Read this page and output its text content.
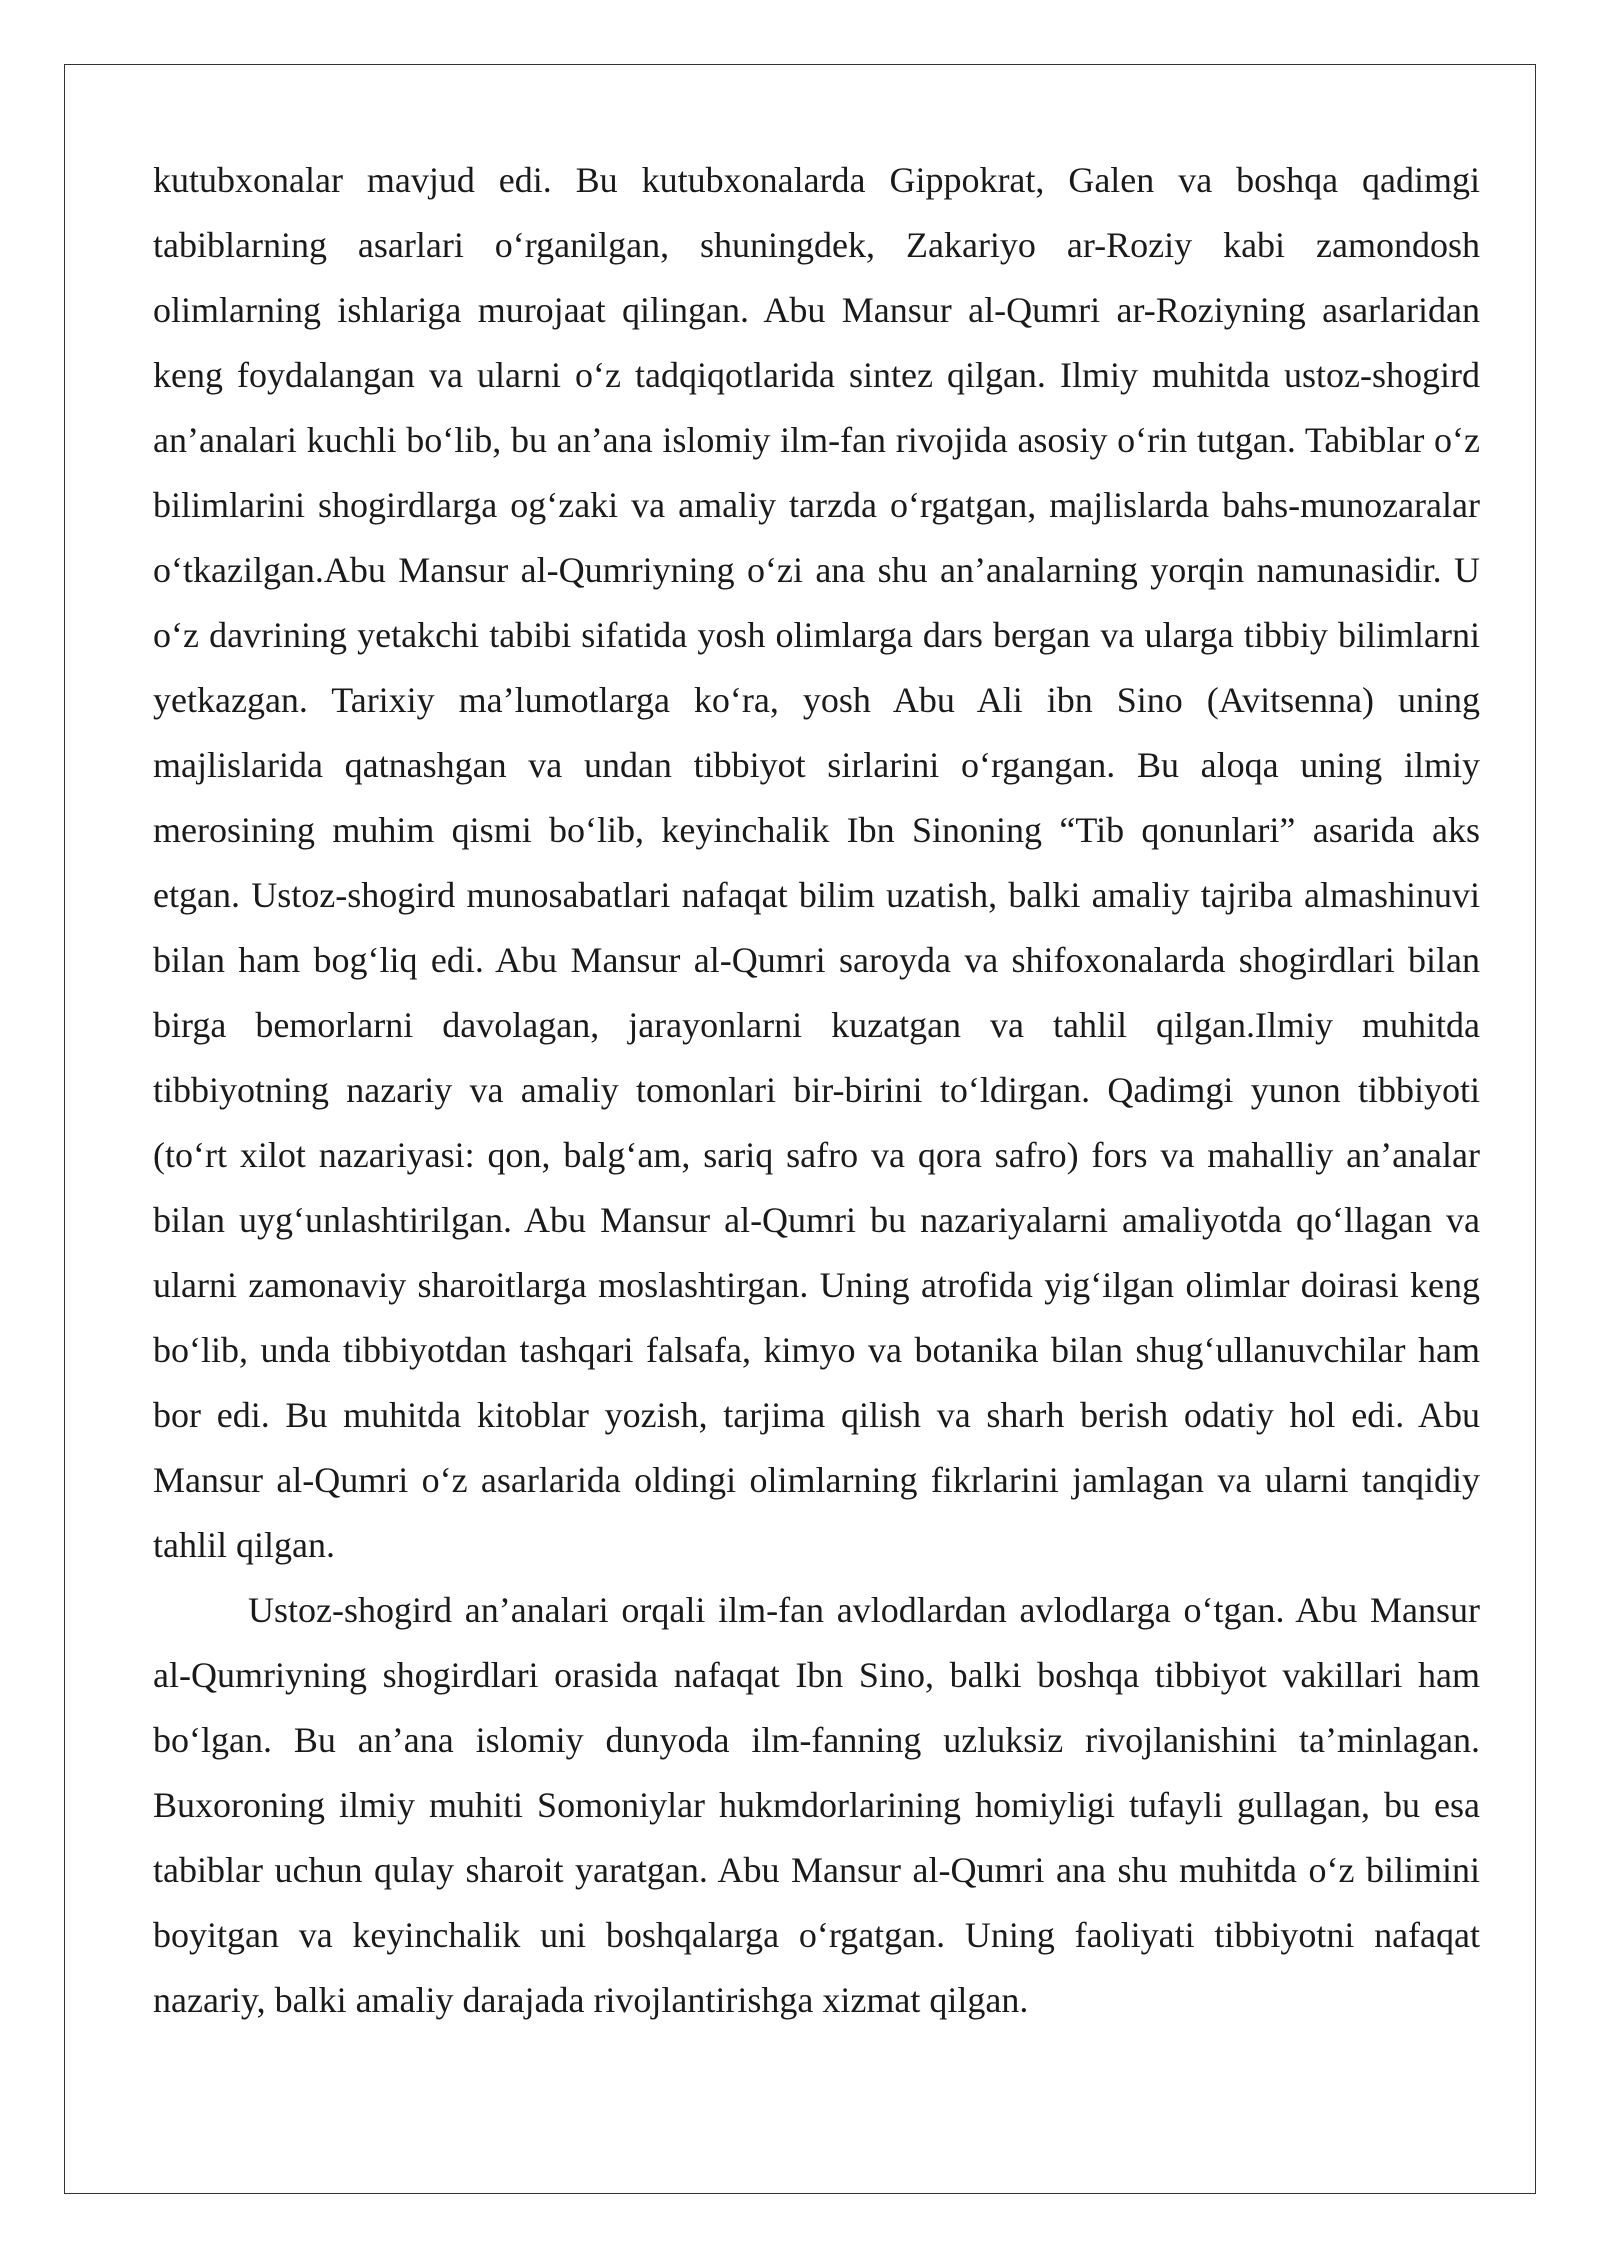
kutubxonalar mavjud edi. Bu kutubxonalarda Gippokrat, Galen va boshqa qadimgi tabiblarning asarlari o‘rganilgan, shuningdek, Zakariyo ar-Roziy kabi zamondosh olimlarning ishlariga murojaat qilingan. Abu Mansur al-Qumri ar-Roziyning asarlaridan keng foydalangan va ularni o‘z tadqiqotlarida sintez qilgan. Ilmiy muhitda ustoz-shogird an’analari kuchli bo‘lib, bu an’ana islomiy ilm-fan rivojida asosiy o‘rin tutgan. Tabiblar o‘z bilimlarini shogirdlarga og‘zaki va amaliy tarzda o‘rgatgan, majlislarda bahs-munozaralar o‘tkazilgan.Abu Mansur al-Qumriyning o‘zi ana shu an’analarning yorqin namunasidir. U o‘z davrining yetakchi tabibi sifatida yosh olimlarga dars bergan va ularga tibbiy bilimlarni yetkazgan. Tarixiy ma’lumotlarga ko‘ra, yosh Abu Ali ibn Sino (Avitsenna) uning majlislarida qatnashgan va undan tibbiyot sirlarini o‘rgangan. Bu aloqa uning ilmiy merosining muhim qismi bo‘lib, keyinchalik Ibn Sinoning “Tib qonunlari” asarida aks etgan. Ustoz-shogird munosabatlari nafaqat bilim uzatish, balki amaliy tajriba almashinuvi bilan ham bog‘liq edi. Abu Mansur al-Qumri saroyda va shifoxonalarda shogirdlari bilan birga bemorlarni davolagan, jarayonlarni kuzatgan va tahlil qilgan.Ilmiy muhitda tibbiyotning nazariy va amaliy tomonlari bir-birini to‘ldirgan. Qadimgi yunon tibbiyoti (to‘rt xilot nazariyasi: qon, balg‘am, sariq safro va qora safro) fors va mahalliy an’analar bilan uyg‘unlashtirilgan. Abu Mansur al-Qumri bu nazariyalarni amaliyotda qo‘llagan va ularni zamonaviy sharoitlarga moslashtirgan. Uning atrofida yig‘ilgan olimlar doirasi keng bo‘lib, unda tibbiyotdan tashqari falsafa, kimyo va botanika bilan shug‘ullanuvchilar ham bor edi. Bu muhitda kitoblar yozish, tarjima qilish va sharh berish odatiy hol edi. Abu Mansur al-Qumri o‘z asarlarida oldingi olimlarning fikrlarini jamlagan va ularni tanqidiy tahlil qilgan.

Ustoz-shogird an’analari orqali ilm-fan avlodlardan avlodlarga o‘tgan. Abu Mansur al-Qumriyning shogirdlari orasida nafaqat Ibn Sino, balki boshqa tibbiyot vakillari ham bo‘lgan. Bu an’ana islomiy dunyoda ilm-fanning uzluksiz rivojlanishini ta’minlagan. Buxoroning ilmiy muhiti Somoniylar hukmdorlarining homiyligi tufayli gullagan, bu esa tabiblar uchun qulay sharoit yaratgan. Abu Mansur al-Qumri ana shu muhitda o‘z bilimini boyitgan va keyinchalik uni boshqalarga o‘rgatgan. Uning faoliyati tibbiyotni nafaqat nazariy, balki amaliy darajada rivojlantirishga xizmat qilgan.
